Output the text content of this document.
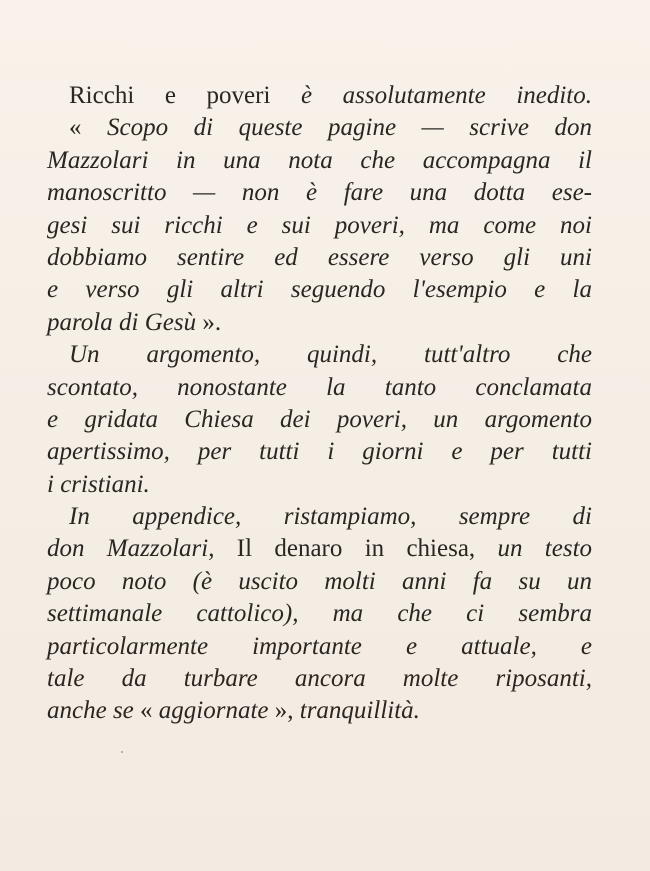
Ricchi e poveri è assolutamente inedito.
« Scopo di queste pagine — scrive don
Mazzolari in una nota che accompagna il
manoscritto — non è fare una dotta ese-
gesi sui ricchi e sui poveri, ma come noi
dobbiamo sentire ed essere verso gli uni
e verso gli altri seguendo l'esempio e la
parola di Gesù ».
Un argomento, quindi, tutt'altro che
scontato, nonostante la tanto conclamata
e gridata Chiesa dei poveri, un argomento
apertissimo, per tutti i giorni e per tutti
i cristiani.
In appendice, ristampiamo, sempre di
don Mazzolari, Il denaro in chiesa, un testo
poco noto (è uscito molti anni fa su un
settimanale cattolico), ma che ci sembra
particolarmente importante e attuale, e
tale da turbare ancora molte riposanti,
anche se « aggiornate », tranquillità.
